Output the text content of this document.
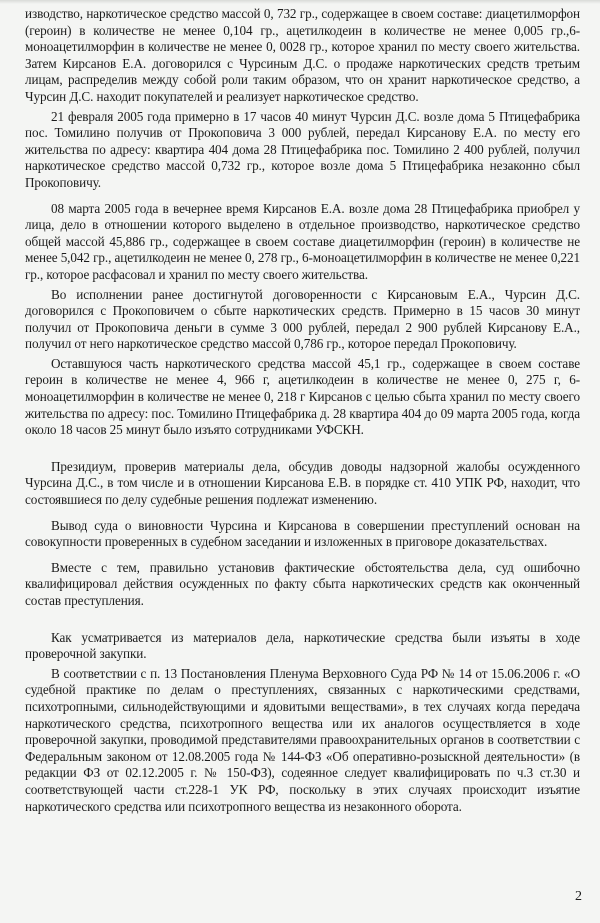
изводство, наркотическое средство массой 0, 732 гр., содержащее в своем составе: диацетилморфон (героин) в количестве не менее 0,104 гр., ацетилкодеин в количестве не менее 0,005 гр.,6-моноацетилморфин в количестве не менее 0, 0028 гр., которое хранил по месту своего жительства. Затем Кирсанов Е.А. договорился с Чурсиным Д.С. о продаже наркотических средств третьим лицам, распределив между собой роли таким образом, что он хранит наркотическое средство, а Чурсин Д.С. находит покупателей и реализует наркотическое средство.

21 февраля 2005 года примерно в 17 часов 40 минут Чурсин Д.С. возле дома 5 Птицефабрика пос. Томилино получив от Прокоповича 3 000 рублей, передал Кирсанову Е.А. по месту его жительства по адресу: квартира 404 дома 28 Птицефабрика пос. Томилино 2 400 рублей, получил наркотическое средство массой 0,732 гр., которое возле дома 5 Птицефабрика незаконно сбыл Прокоповичу.

08 марта 2005 года в вечернее время Кирсанов Е.А. возле дома 28 Птицефабрика приобрел у лица, дело в отношении которого выделено в отдельное производство, наркотическое средство общей массой 45,886 гр., содержащее в своем составе диацетилморфин (героин) в количестве не менее 5,042 гр., ацетилкодеин не менее 0, 278 гр., 6-моноацетилморфин в количестве не менее 0,221 гр., которое расфасовал и хранил по месту своего жительства.

Во исполнении ранее достигнутой договоренности с Кирсановым Е.А., Чурсин Д.С. договорился с Прокоповичем о сбыте наркотических средств. Примерно в 15 часов 30 минут получил от Прокоповича деньги в сумме 3 000 рублей, передал 2 900 рублей Кирсанову Е.А., получил от него наркотическое средство массой 0,786 гр., которое передал Прокоповичу.

Оставшуюся часть наркотического средства массой 45,1 гр., содержащее в своем составе героин в количестве не менее 4, 966 г, ацетилкодеин в количестве не менее 0, 275 г, 6-моноацетилморфин в количестве не менее 0, 218 г Кирсанов с целью сбыта хранил по месту своего жительства по адресу: пос. Томилино Птицефабрика д. 28 квартира 404 до 09 марта 2005 года, когда около 18 часов 25 минут было изъято сотрудниками УФСКН.

Президиум, проверив материалы дела, обсудив доводы надзорной жалобы осужденного Чурсина Д.С., в том числе и в отношении Кирсанова Е.В. в порядке ст. 410 УПК РФ, находит, что состоявшиеся по делу судебные решения подлежат изменению.

Вывод суда о виновности Чурсина и Кирсанова в совершении преступлений основан на совокупности проверенных в судебном заседании и изложенных в приговоре доказательствах.

Вместе с тем, правильно установив фактические обстоятельства дела, суд ошибочно квалифицировал действия осужденных по факту сбыта наркотических средств как оконченный состав преступления.

Как усматривается из материалов дела, наркотические средства были изъяты в ходе проверочной закупки.

В соответствии с п. 13 Постановления Пленума Верховного Суда РФ № 14 от 15.06.2006 г. «О судебной практике по делам о преступлениях, связанных с наркотическими средствами, психотропными, сильнодействующими и ядовитыми веществами», в тех случаях когда передача наркотического средства, психотропного вещества или их аналогов осуществляется в ходе проверочной закупки, проводимой представителями правоохранительных органов в соответствии с Федеральным законом от 12.08.2005 года № 144-ФЗ «Об оперативно-розыскной деятельности» (в редакции ФЗ от 02.12.2005 г. № 150-ФЗ), содеянное следует квалифицировать по ч.3 ст.30 и соответствующей части ст.228-1 УК РФ, поскольку в этих случаях происходит изъятие наркотического средства или психотропного вещества из незаконного оборота.

2
